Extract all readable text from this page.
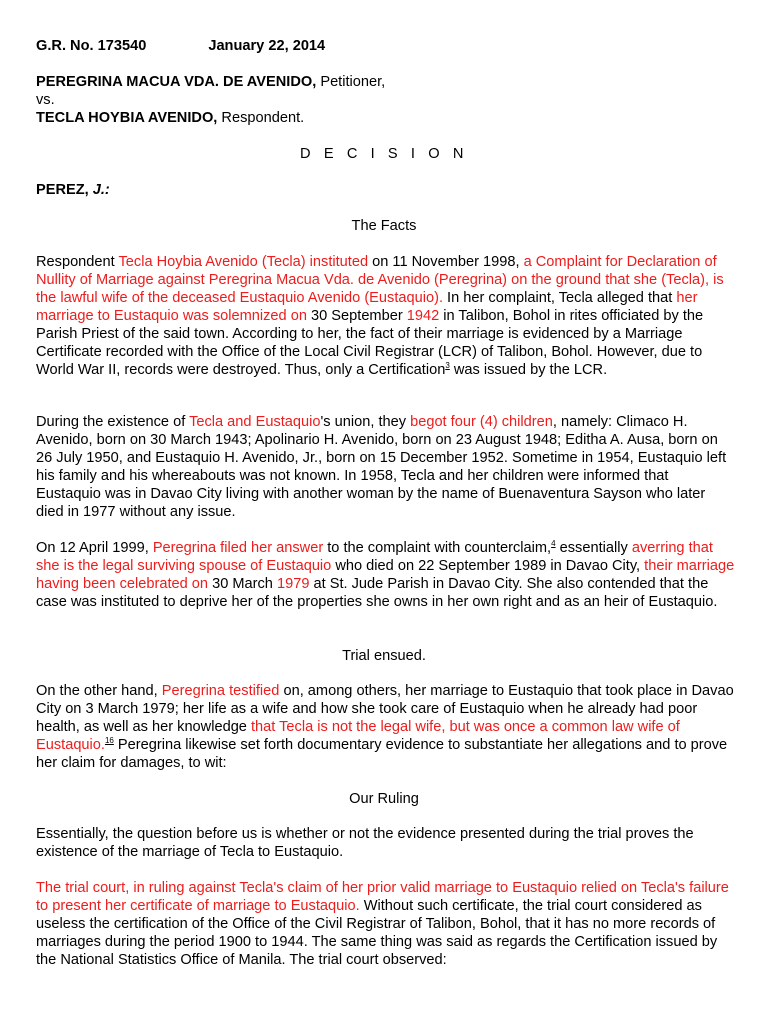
G.R. No. 173540	January 22, 2014
PEREGRINA MACUA VDA. DE AVENIDO, Petitioner,
vs.
TECLA HOYBIA AVENIDO, Respondent.
D E C I S I O N
PEREZ, J.:
The Facts

Respondent Tecla Hoybia Avenido (Tecla) instituted on 11 November 1998, a Complaint for Declaration of Nullity of Marriage against Peregrina Macua Vda. de Avenido (Peregrina) on the ground that she (Tecla), is the lawful wife of the deceased Eustaquio Avenido (Eustaquio). In her complaint, Tecla alleged that her marriage to Eustaquio was solemnized on 30 September 1942 in Talibon, Bohol in rites officiated by the Parish Priest of the said town. According to her, the fact of their marriage is evidenced by a Marriage Certificate recorded with the Office of the Local Civil Registrar (LCR) of Talibon, Bohol. However, due to World War II, records were destroyed. Thus, only a Certification$^3$ was issued by the LCR.

During the existence of Tecla and Eustaquio's union, they begot four (4) children, namely: Climaco H. Avenido, born on 30 March 1943; Apolinario H. Avenido, born on 23 August 1948; Editha A. Ausa, born on 26 July 1950, and Eustaquio H. Avenido, Jr., born on 15 December 1952. Sometime in 1954, Eustaquio left his family and his whereabouts was not known. In 1958, Tecla and her children were informed that Eustaquio was in Davao City living with another woman by the name of Buenaventura Sayson who later died in 1977 without any issue.

On 12 April 1999, Peregrina filed her answer to the complaint with counterclaim,$^4$ essentially averring that she is the legal surviving spouse of Eustaquio who died on 22 September 1989 in Davao City, their marriage having been celebrated on 30 March 1979 at St. Jude Parish in Davao City. She also contended that the case was instituted to deprive her of the properties she owns in her own right and as an heir of Eustaquio.

Trial ensued.

On the other hand, Peregrina testified on, among others, her marriage to Eustaquio that took place in Davao City on 3 March 1979; her life as a wife and how she took care of Eustaquio when he already had poor health, as well as her knowledge that Tecla is not the legal wife, but was once a common law wife of Eustaquio.$^{16}$ Peregrina likewise set forth documentary evidence to substantiate her allegations and to prove her claim for damages, to wit:

Our Ruling

Essentially, the question before us is whether or not the evidence presented during the trial proves the existence of the marriage of Tecla to Eustaquio.

The trial court, in ruling against Tecla's claim of her prior valid marriage to Eustaquio relied on Tecla's failure to present her certificate of marriage to Eustaquio. Without such certificate, the trial court considered as useless the certification of the Office of the Civil Registrar of Talibon, Bohol, that it has no more records of marriages during the period 1900 to 1944. The same thing was said as regards the Certification issued by the National Statistics Office of Manila. The trial court observed:
